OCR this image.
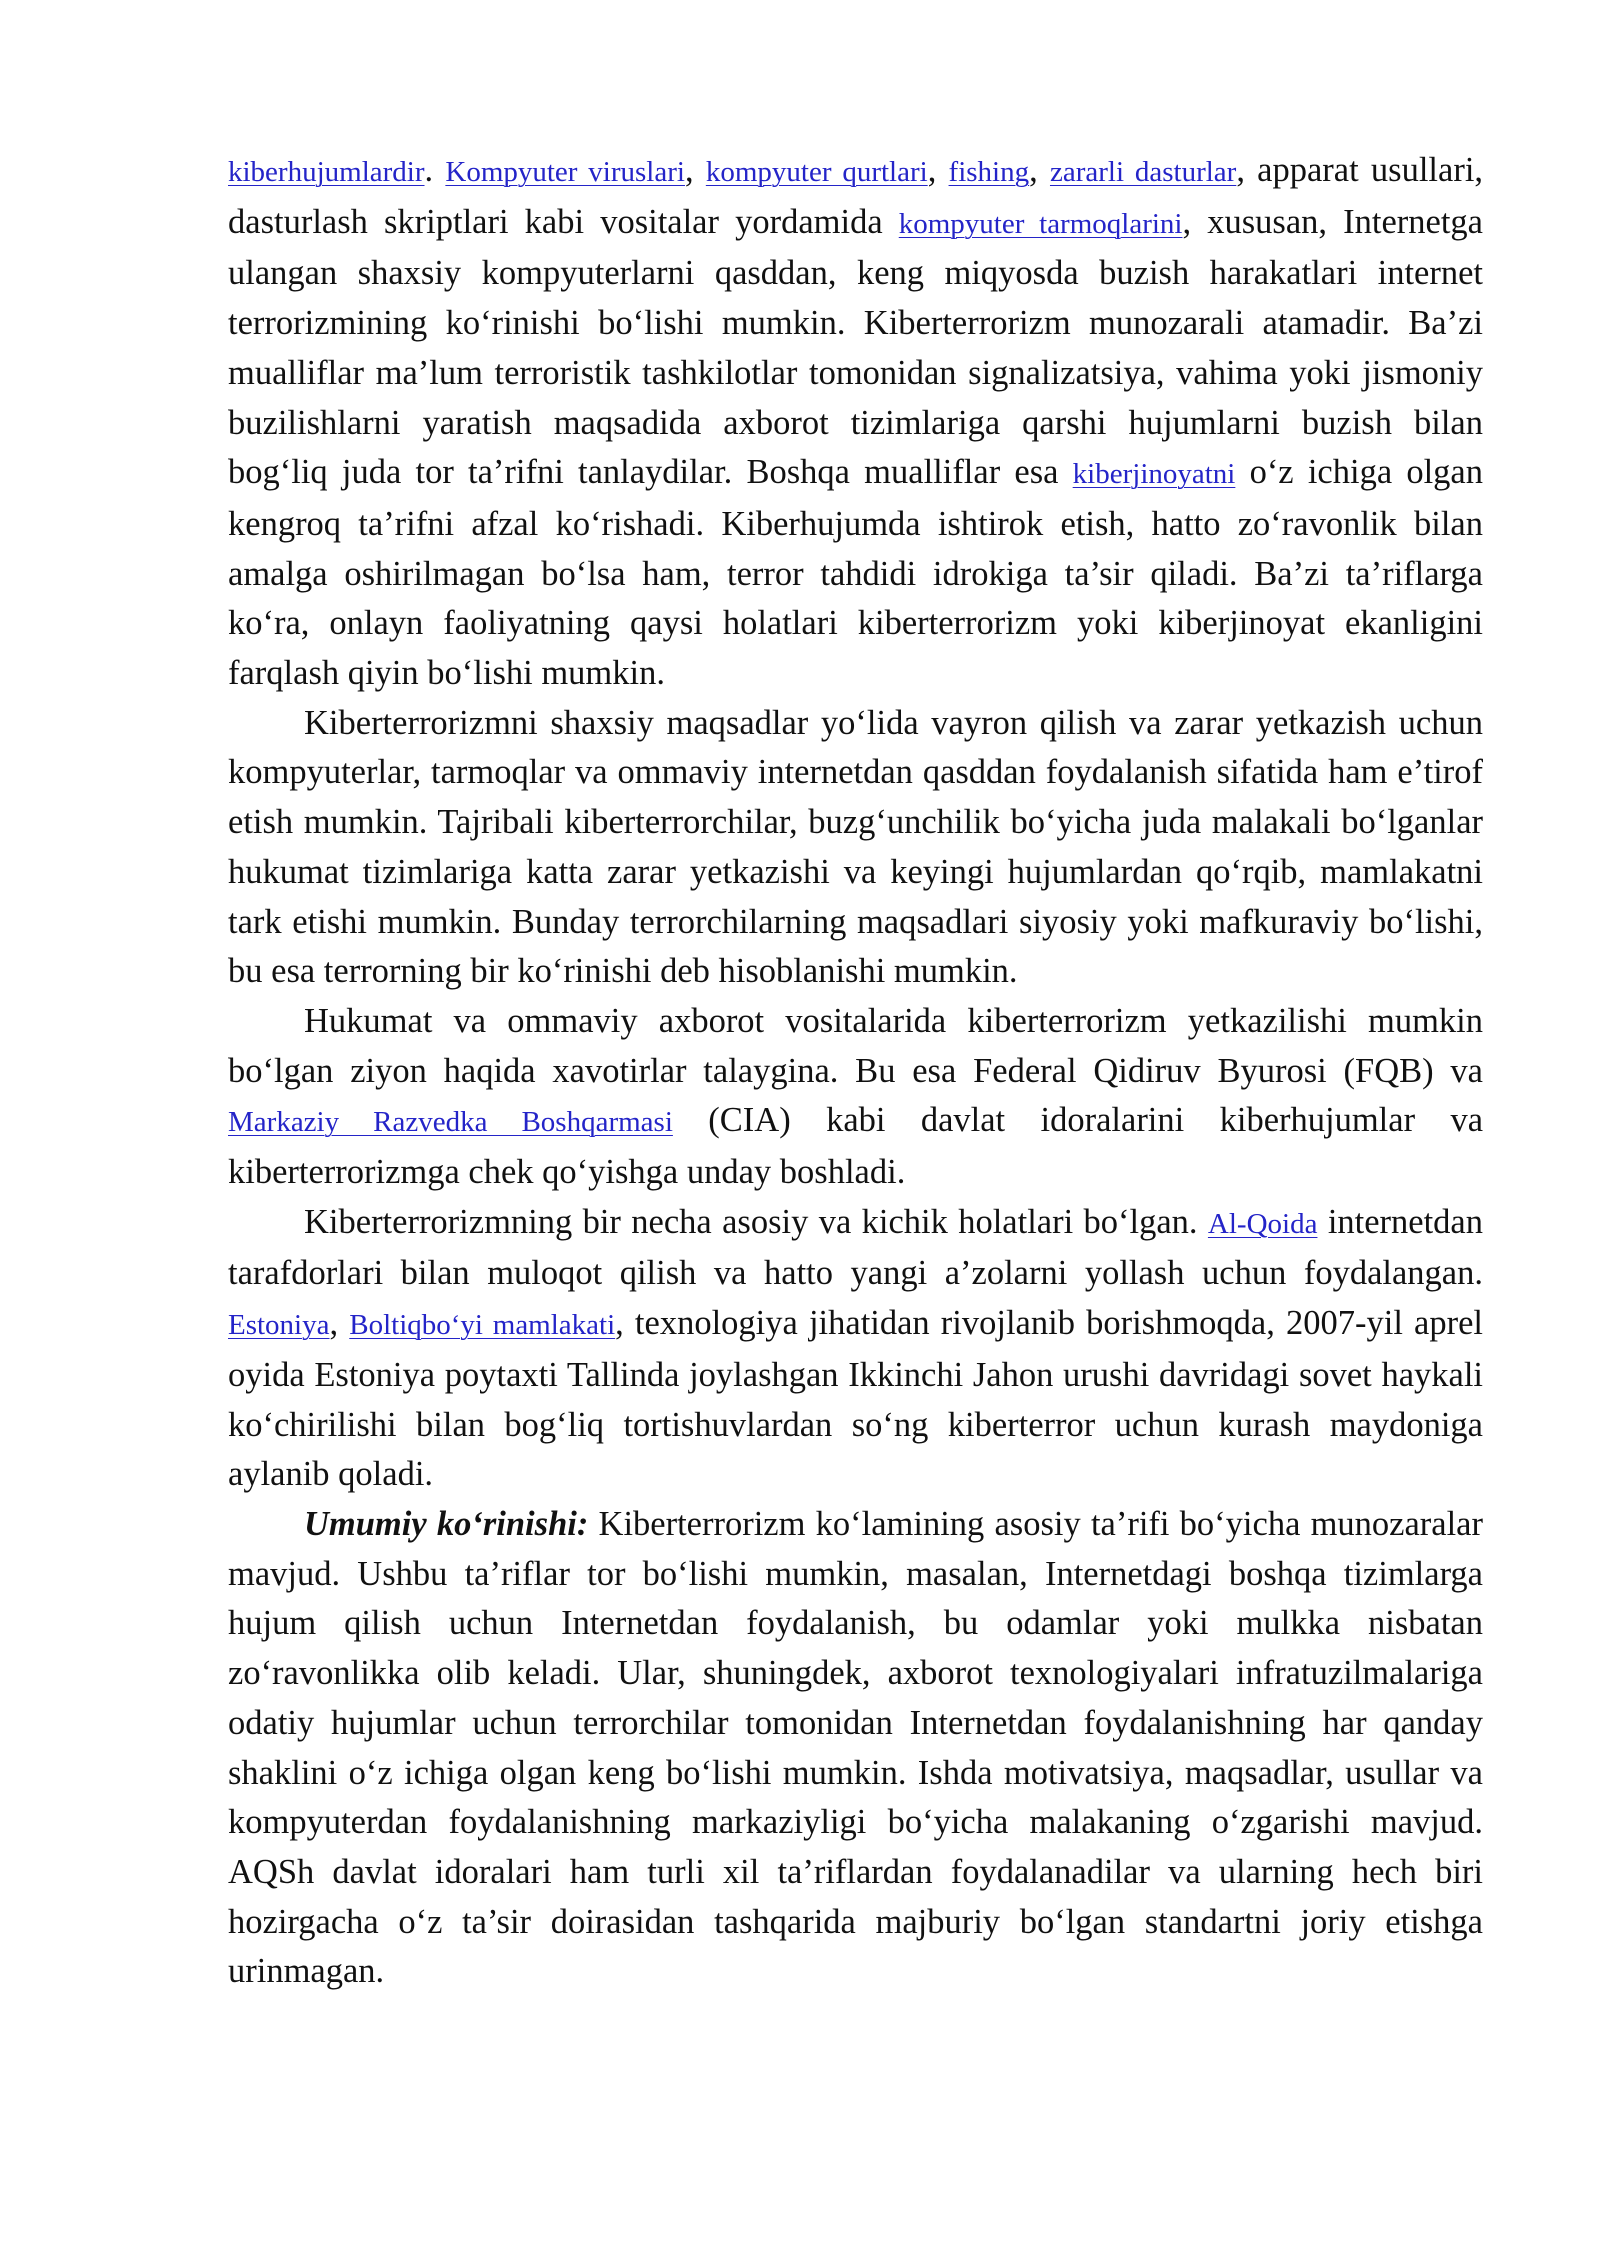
kiberhujumlardir. Kompyuter viruslari, kompyuter qurtlari, fishing, zararli dasturlar, apparat usullari, dasturlash skriptlari kabi vositalar yordamida kompyuter tarmoqlarini, xususan, Internetga ulangan shaxsiy kompyuterlarni qasddan, keng miqyosda buzish harakatlari internet terrorizmining koʻrinishi boʻlishi mumkin. Kiberterrorizm munozarali atamadir. Ba’zi mualliflar ma’lum terroristik tashkilotlar tomonidan signalizatsiya, vahima yoki jismoniy buzilishlarni yaratish maqsadida axborot tizimlariga qarshi hujumlarni buzish bilan bogʻliq juda tor ta’rifni tanlaydilar. Boshqa mualliflar esa kiberjinoyatni oʻz ichiga olgan kengroq ta’rifni afzal koʻrishadi. Kiberhujumda ishtirok etish, hatto zoʻravonlik bilan amalga oshirilmagan boʻlsa ham, terror tahdidi idrokiga ta’sir qiladi. Ba’zi ta’riflarga koʻra, onlayn faoliyatning qaysi holatlari kiberterrorizm yoki kiberjinoyat ekanligini farqlash qiyin boʻlishi mumkin.

Kiberterrorizmni shaxsiy maqsadlar yoʻlida vayron qilish va zarar yetkazish uchun kompyuterlar, tarmoqlar va ommaviy internetdan qasddan foydalanish sifatida ham e’tirof etish mumkin. Tajribali kiberterrorchilar, buzgʻunchilik boʻyicha juda malakali boʻlganlar hukumat tizimlariga katta zarar yetkazishi va keyingi hujumlardan qoʻrqib, mamlakatni tark etishi mumkin. Bunday terrorchilarning maqsadlari siyosiy yoki mafkuraviy boʻlishi, bu esa terrorning bir koʻrinishi deb hisoblanishi mumkin.

Hukumat va ommaviy axborot vositalarida kiberterrorizm yetkazilishi mumkin boʻlgan ziyon haqida xavotirlar talaygina. Bu esa Federal Qidiruv Byurosi (FQB) va Markaziy Razvedka Boshqarmasi (CIA) kabi davlat idoralarini kiberhujumlar va kiberterrorizmga chek qoʻyishga unday boshladi.

Kiberterrorizmning bir necha asosiy va kichik holatlari boʻlgan. Al-Qoida internetdan tarafdorlari bilan muloqot qilish va hatto yangi a’zolarni yollash uchun foydalangan. Estoniya, Boltiqboʻyi mamlakati, texnologiya jihatidan rivojlanib borishmoqda, 2007-yil aprel oyida Estoniya poytaxti Tallinda joylashgan Ikkinchi Jahon urushi davridagi sovet haykali koʻchirilishi bilan bogʻliq tortishuvlardan soʻng kiberterror uchun kurash maydoniga aylanib qoladi.

Umumiy koʻrinishi: Kiberterrorizm koʻlamining asosiy ta’rifi boʻyicha munozaralar mavjud. Ushbu ta’riflar tor boʻlishi mumkin, masalan, Internetdagi boshqa tizimlarga hujum qilish uchun Internetdan foydalanish, bu odamlar yoki mulkka nisbatan zoʻravonlikka olib keladi. Ular, shuningdek, axborot texnologiyalari infratuzilmalariga odatiy hujumlar uchun terrorchilar tomonidan Internetdan foydalanishning har qanday shaklini oʻz ichiga olgan keng boʻlishi mumkin. Ishda motivatsiya, maqsadlar, usullar va kompyuterdan foydalanishning markaziyligi boʻyicha malakaning oʻzgarishi mavjud. AQSh davlat idoralari ham turli xil ta’riflardan foydalanadilar va ularning hech biri hozirgacha oʻz ta’sir doirasidan tashqarida majburiy boʻlgan standartni joriy etishga urinmagan.
